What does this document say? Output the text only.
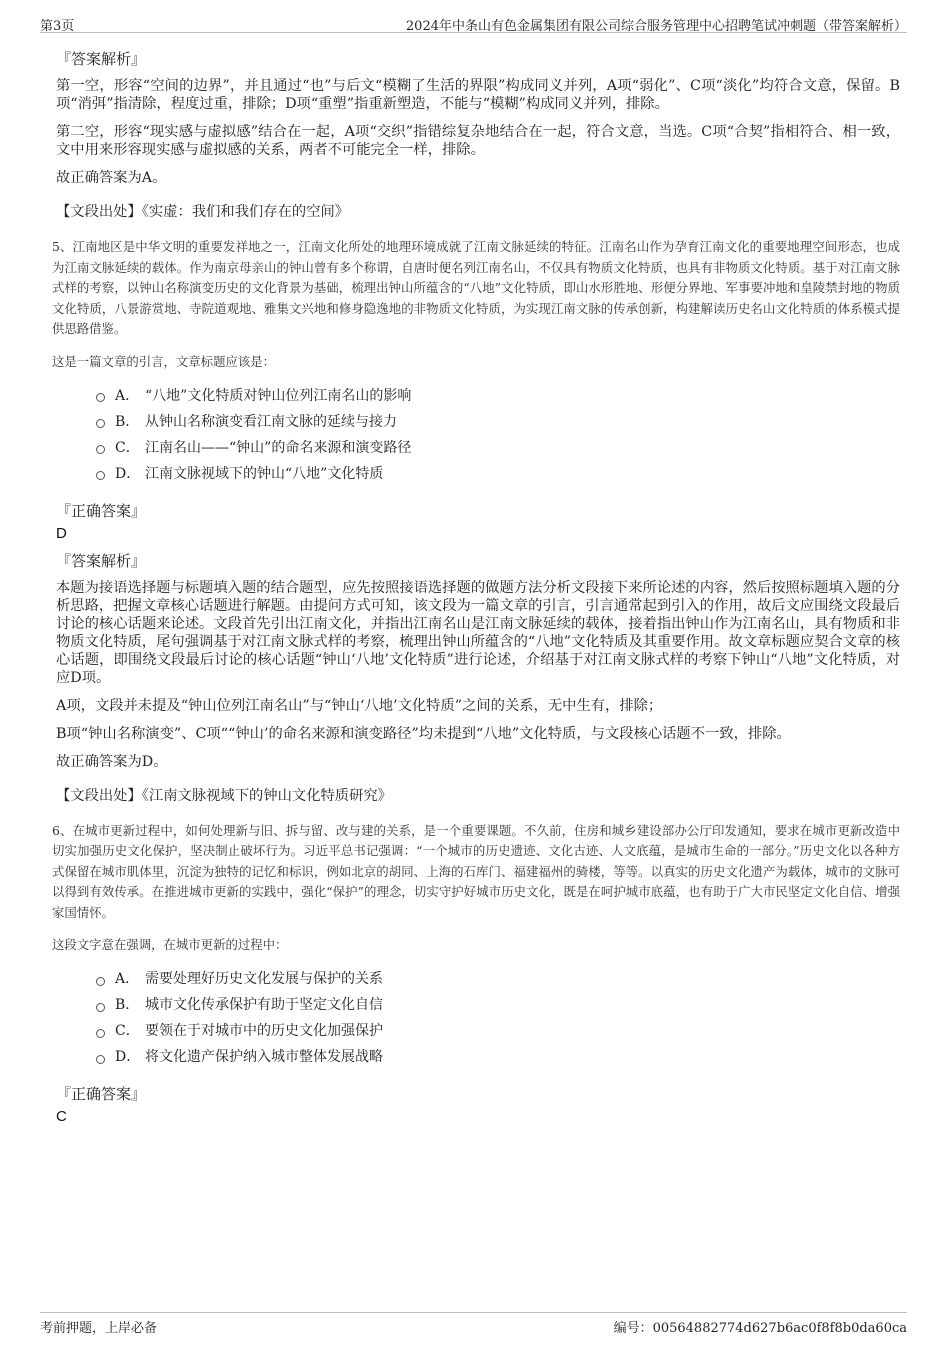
第3页	2024年中条山有色金属集团有限公司综合服务管理中心招聘笔试冲刺题（带答案解析）
『答案解析』

第一空，形容“空间的边界”，并且通过“也”与后文“模糊了生活的界限”构成同义并列，A项“弱化”、C项“淡化”均符合文意，保留。B项“消弭”指清除，程度过重，排除；D项“重塑”指重新塑造，不能与“模糊”构成同义并列，排除。

第二空，形容“现实感与虚拟感”结合在一起，A项“交织”指错综复杂地结合在一起，符合文意，当选。C项“合契”指相符合、相一致，文中用来形容现实感与虚拟感的关系，两者不可能完全一样，排除。

故正确答案为A。

【文段出处】《实虚：我们和我们存在的空间》

5、江南地区是中华文明的重要发祥地之一，江南文化所处的地理环境成就了江南文脉延续的特征。江南名山作为孕育江南文化的重要地理空间形态，也成为江南文脉延续的载体。作为南京母亲山的钟山曾有多个称谓，自唐时便名列江南名山，不仅具有物质文化特质，也具有非物质文化特质。基于对江南文脉式样的考察，以钟山名称演变历史的文化背景为基础，梳理出钟山所蕴含的“八地”文化特质，即山水形胜地、形便分界地、军事要冲地和皇陵禁封地的物质文化特质，八景游赏地、寺院道观地、雅集文兴地和修身隐逸地的非物质文化特质，为实现江南文脉的传承创新，构建解读历史名山文化特质的体系模式提供思路借鉴。

这是一篇文章的引言，文章标题应该是：
A． “八地”文化特质对钟山位列江南名山的影响
B． 从钟山名称演变看江南文脉的延续与接力
C． 江南名山——“钟山”的命名来源和演变路径
D． 江南文脉视域下的钟山“八地”文化特质
『正确答案』
D
『答案解析』

本题为接语选择题与标题填入题的结合题型，应先按照接语选择题的做题方法分析文段接下来所论述的内容，然后按照标题填入题的分析思路，把握文章核心话题进行解题。由提问方式可知，该文段为一篇文章的引言，引言通常起到引入的作用，故后文应围绕文段最后讨论的核心话题来论述。文段首先引出江南文化，并指出江南名山是江南文脉延续的载体，接着指出钟山作为江南名山，具有物质和非物质文化特质，尾句强调基于对江南文脉式样的考察，梳理出钟山所蕴含的“八地”文化特质及其重要作用。故文章标题应契合文章的核心话题，即围绕文段最后讨论的核心话题“钟山‘八地’文化特质”进行论述，介绍基于对江南文脉式样的考察下钟山“八地”文化特质，对应D项。

A项，文段并未提及“钟山位列江南名山”与“钟山‘八地’文化特质”之间的关系，无中生有，排除；

B项“钟山名称演变”、C项““钟山’的命名来源和演变路径”均未提到“八地”文化特质，与文段核心话题不一致，排除。

故正确答案为D。

【文段出处】《江南文脉视域下的钟山文化特质研究》

6、在城市更新过程中，如何处理新与旧、拆与留、改与建的关系，是一个重要课题。不久前，住房和城乡建设部办公厅印发通知，要求在城市更新改造中切实加强历史文化保护，坚决制止破坏行为。习近平总书记强调：“一个城市的历史遗迹、文化古迹、人文底蕴，是城市生命的一部分。”历史文化以各种方式保留在城市肌体里，沉淀为独特的记忆和标识，例如北京的胡同、上海的石库门、福建福州的骑楼，等等。以真实的历史文化遗产为载体，城市的文脉可以得到有效传承。在推进城市更新的实践中，强化“保护”的理念，切实守护好城市历史文化，既是在呵护城市底蕴，也有助于广大市民坚定文化自信、增强家国情怀。

这段文字意在强调，在城市更新的过程中：
A． 需要处理好历史文化发展与保护的关系
B． 城市文化传承保护有助于坚定文化自信
C． 要领在于对城市中的历史文化加强保护
D． 将文化遗产保护纳入城市整体发展战略
『正确答案』
C
考前押题，上岸必备	编号：00564882774d627b6ac0f8f8b0da60ca
